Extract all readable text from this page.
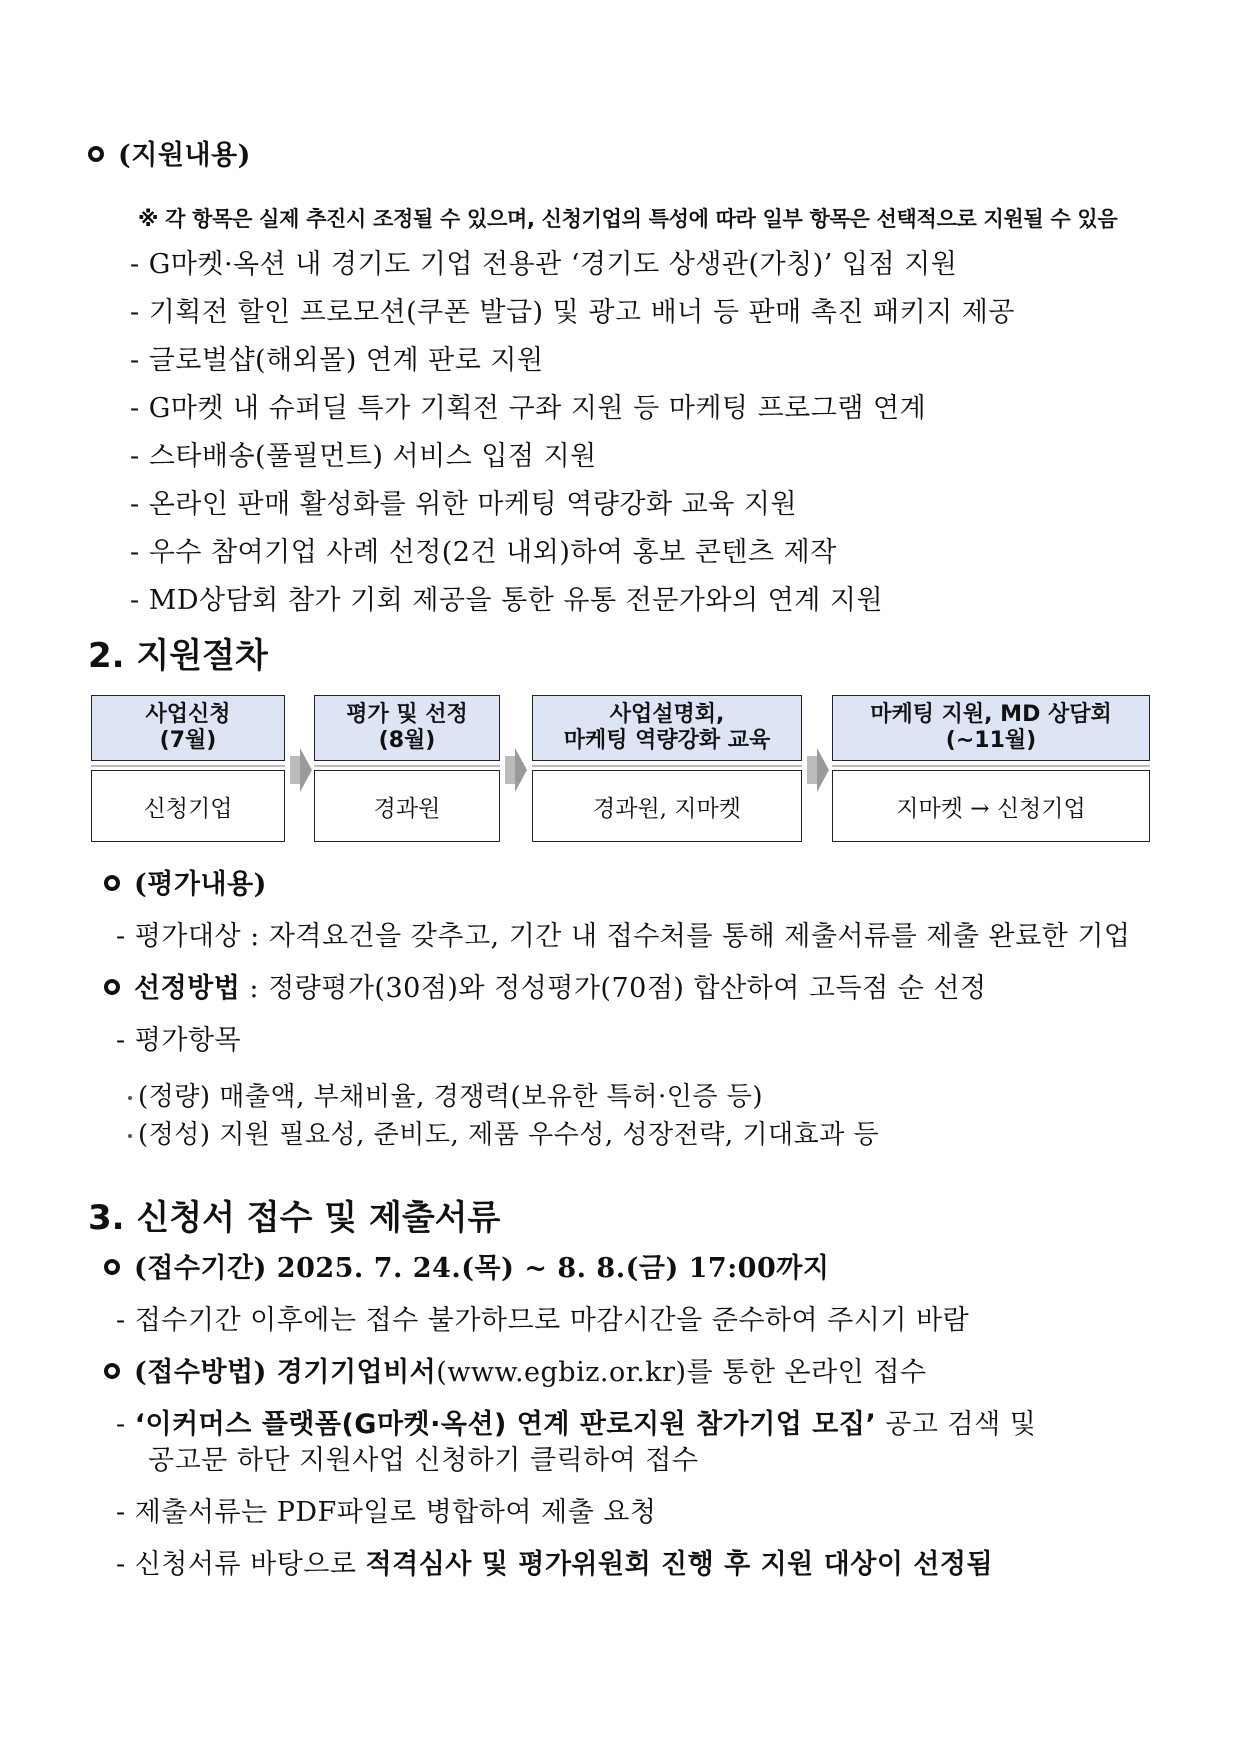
(지원내용)
※ 각 항목은 실제 추진시 조정될 수 있으며, 신청기업의 특성에 따라 일부 항목은 선택적으로 지원될 수 있음
- G마켓·옥션 내 경기도 기업 전용관 ‘경기도 상생관(가칭)’ 입점 지원
- 기획전 할인 프로모션(쿠폰 발급) 및 광고 배너 등 판매 촉진 패키지 제공
- 글로벌샵(해외몰) 연계 판로 지원
- G마켓 내 슈퍼딜 특가 기획전 구좌 지원 등 마케팅 프로그램 연계
- 스타배송(풀필먼트) 서비스 입점 지원
- 온라인 판매 활성화를 위한 마케팅 역량강화 교육 지원
- 우수 참여기업 사례 선정(2건 내외)하여 홍보 콘텐츠 제작
- MD상담회 참가 기회 제공을 통한 유통 전문가와의 연계 지원
2. 지원절차
사업신청
(7월)
신청기업
평가 및 선정
(8월)
경과원
사업설명회,
마케팅 역량강화 교육
경과원, 지마켓
마케팅 지원, MD 상담회
(~11월)
지마켓 → 신청기업
(평가내용)
- 평가대상 : 자격요건을 갖추고, 기간 내 접수처를 통해 제출서류를 제출 완료한 기업
선정방법 : 정량평가(30점)와 정성평가(70점) 합산하여 고득점 순 선정
- 평가항목
(정량) 매출액, 부채비율, 경쟁력(보유한 특허·인증 등)
(정성) 지원 필요성, 준비도, 제품 우수성, 성장전략, 기대효과 등
3. 신청서 접수 및 제출서류
(접수기간) 2025. 7. 24.(목) ~ 8. 8.(금) 17:00까지
- 접수기간 이후에는 접수 불가하므로 마감시간을 준수하여 주시기 바람
(접수방법) 경기기업비서(www.egbiz.or.kr)를 통한 온라인 접수
- ‘이커머스 플랫폼(G마켓·옥션) 연계 판로지원 참가기업 모집’ 공고 검색 및
공고문 하단 지원사업 신청하기 클릭하여 접수
- 제출서류는 PDF파일로 병합하여 제출 요청
- 신청서류 바탕으로 적격심사 및 평가위원회 진행 후 지원 대상이 선정됨
